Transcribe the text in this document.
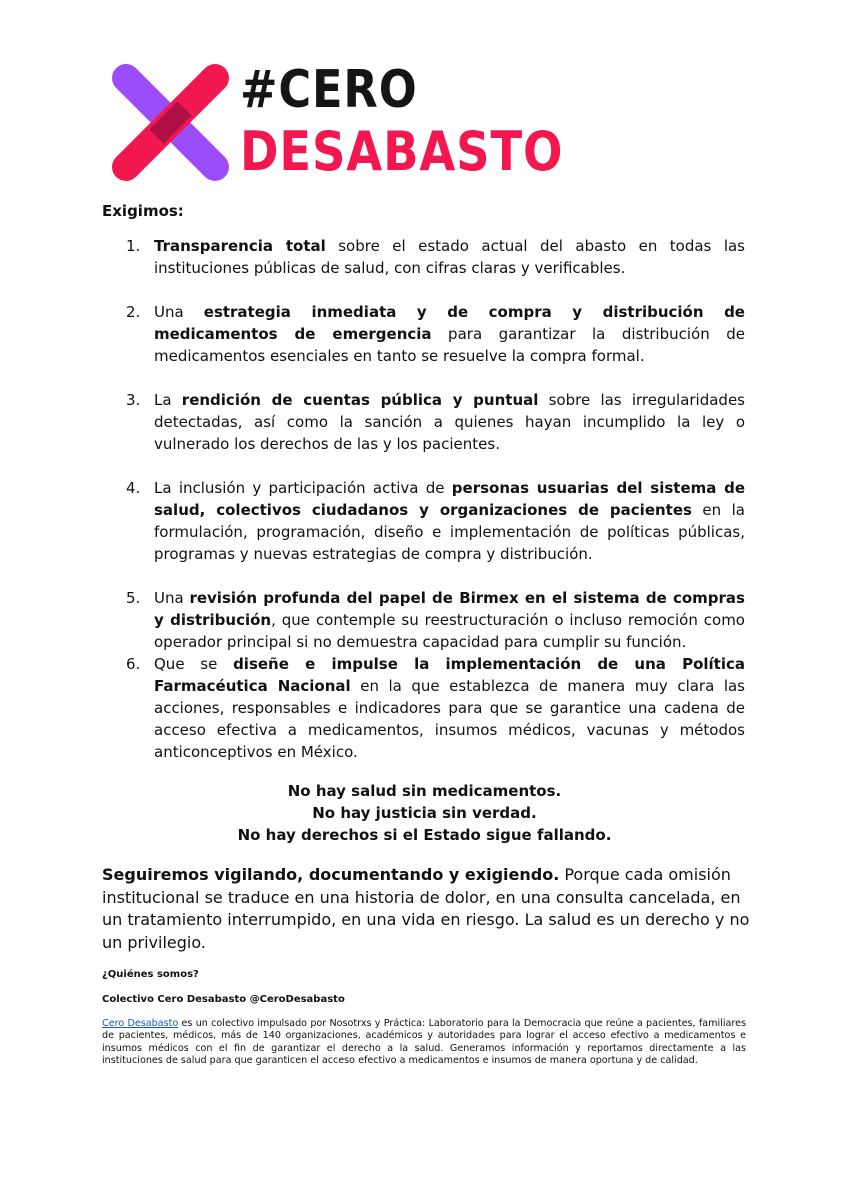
#CERO
DESABASTO

Exigimos:

1. Transparencia total sobre el estado actual del abasto en todas las instituciones públicas de salud, con cifras claras y verificables.
2. Una estrategia inmediata y de compra y distribución de medicamentos de emergencia para garantizar la distribución de medicamentos esenciales en tanto se resuelve la compra formal.
3. La rendición de cuentas pública y puntual sobre las irregularidades detectadas, así como la sanción a quienes hayan incumplido la ley o vulnerado los derechos de las y los pacientes.
4. La inclusión y participación activa de personas usuarias del sistema de salud, colectivos ciudadanos y organizaciones de pacientes en la formulación, programación, diseño e implementación de políticas públicas, programas y nuevas estrategias de compra y distribución.
5. Una revisión profunda del papel de Birmex en el sistema de compras y distribución, que contemple su reestructuración o incluso remoción como operador principal si no demuestra capacidad para cumplir su función.
6. Que se diseñe e impulse la implementación de una Política Farmacéutica Nacional en la que establezca de manera muy clara las acciones, responsables e indicadores para que se garantice una cadena de acceso efectiva a medicamentos, insumos médicos, vacunas y métodos anticonceptivos en México.
No hay salud sin medicamentos.
No hay justicia sin verdad.
No hay derechos si el Estado sigue fallando.

Seguiremos vigilando, documentando y exigiendo. Porque cada omisión institucional se traduce en una historia de dolor, en una consulta cancelada, en un tratamiento interrumpido, en una vida en riesgo. La salud es un derecho y no un privilegio.

¿Quiénes somos?

Colectivo Cero Desabasto @CeroDesabasto

Cero Desabasto es un colectivo impulsado por Nosotrxs y Práctica: Laboratorio para la Democracia que reúne a pacientes, familiares de pacientes, médicos, más de 140 organizaciones, académicos y autoridades para lograr el acceso efectivo a medicamentos e insumos médicos con el fin de garantizar el derecho a la salud. Generamos información y reportamos directamente a las instituciones de salud para que garanticen el acceso efectivo a medicamentos e insumos de manera oportuna y de calidad.
